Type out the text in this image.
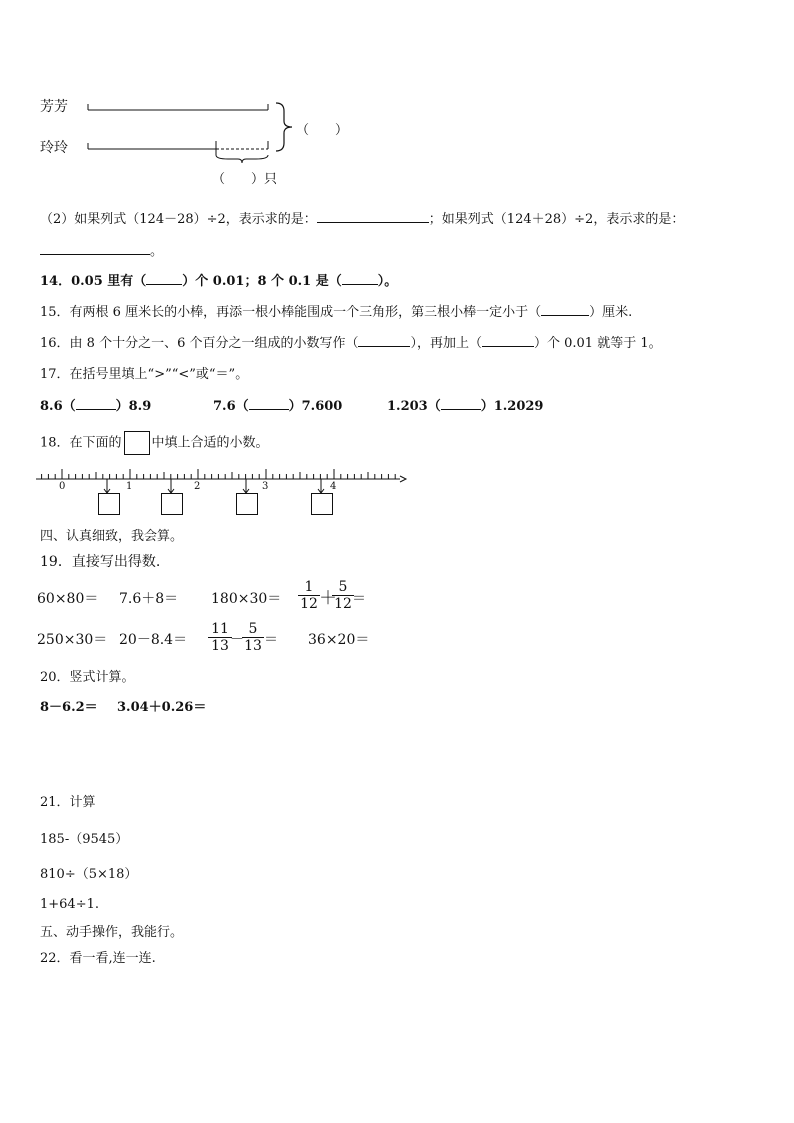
芳芳
玲玲
（　　）
（　　）只
（2）如果列式（124－28）÷2，表示求的是：	；如果列式（124＋28）÷2，表示求的是：
。
14．0.05 里有（	）个 0.01；8 个 0.1 是（	）。
15．有两根 6 厘米长的小棒，再添一根小棒能围成一个三角形，第三根小棒一定小于（	）厘米.
16．由 8 个十分之一、6 个百分之一组成的小数写作（	），再加上（	）个 0.01 就等于 1。
17．在括号里填上“>”“<”或“＝”。
8.6（	）8.9	7.6（	）7.600	1.203（	）1.2029
18．在下面的 中填上合适的小数。
0	1	2	3	4
四、认真细致，我会算。
19．直接写出得数.
$60\times 80= 7.6+8= 180\times 30= \frac{1}{12}$ ＋
$\frac{5}{12}$
＝
$250\times 30= 20-8.4= \frac{11}{13}$
－
$\frac{5}{13} = 36\times 20=$
20．竖式计算。
8－6.2＝ 3.04＋0.26＝
21．计算
185-（9545）
810÷（5×18）
1+64÷1.
五、动手操作，我能行。
22．看一看,连一连.
